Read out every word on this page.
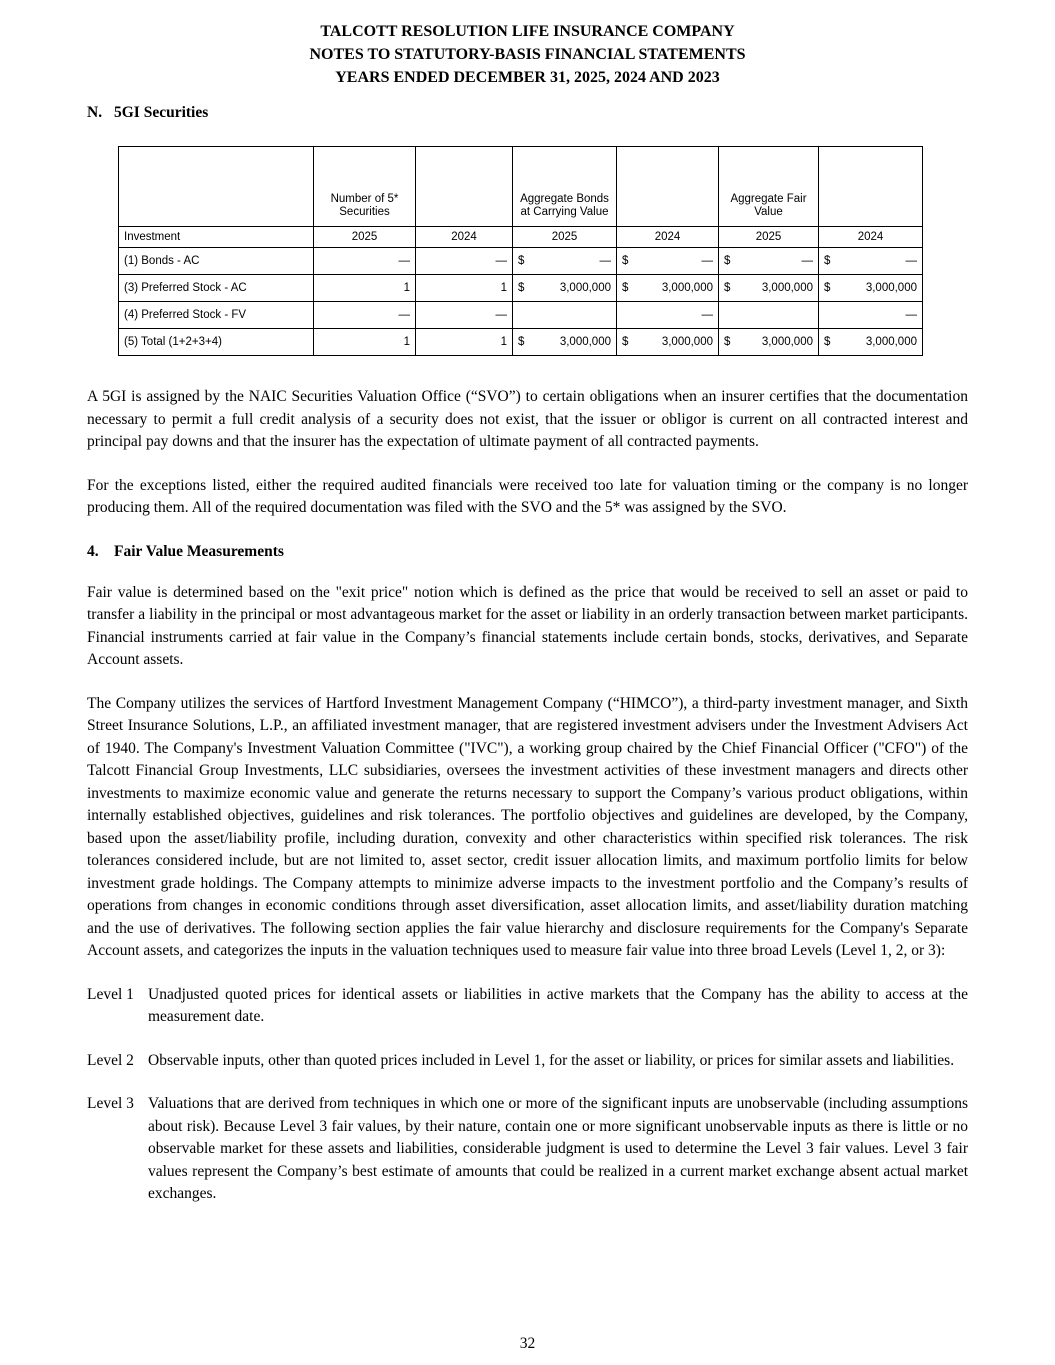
TALCOTT RESOLUTION LIFE INSURANCE COMPANY
NOTES TO STATUTORY-BASIS FINANCIAL STATEMENTS
YEARS ENDED DECEMBER 31, 2025, 2024 AND 2023
N. 5GI Securities
	Number of 5* Securities		Aggregate Bonds at Carrying Value		Aggregate Fair Value	
Investment	2025	2024	2025	2024	2025	2024
(1) Bonds - AC	—	—	$ —	$ —	$ —	$ —

(3) Preferred Stock - AC	1	1	$ 3,000,000	$ 3,000,000	$ 3,000,000	$ 3,000,000

(4) Preferred Stock - FV	—	—		—		—

(5) Total (1+2+3+4)	1	1	$ 3,000,000	$ 3,000,000	$ 3,000,000	$ 3,000,000

A 5GI is assigned by the NAIC Securities Valuation Office (“SVO”) to certain obligations when an insurer certifies that the documentation necessary to permit a full credit analysis of a security does not exist, that the issuer or obligor is current on all contracted interest and principal pay downs and that the insurer has the expectation of ultimate payment of all contracted payments.

For the exceptions listed, either the required audited financials were received too late for valuation timing or the company is no longer producing them. All of the required documentation was filed with the SVO and the 5* was assigned by the SVO.

4. Fair Value Measurements

Fair value is determined based on the "exit price" notion which is defined as the price that would be received to sell an asset or paid to transfer a liability in the principal or most advantageous market for the asset or liability in an orderly transaction between market participants. Financial instruments carried at fair value in the Company’s financial statements include certain bonds, stocks, derivatives, and Separate Account assets.

The Company utilizes the services of Hartford Investment Management Company (“HIMCO”), a third-party investment manager, and Sixth Street Insurance Solutions, L.P., an affiliated investment manager, that are registered investment advisers under the Investment Advisers Act of 1940. The Company's Investment Valuation Committee ("IVC"), a working group chaired by the Chief Financial Officer ("CFO") of the Talcott Financial Group Investments, LLC subsidiaries, oversees the investment activities of these investment managers and directs other investments to maximize economic value and generate the returns necessary to support the Company’s various product obligations, within internally established objectives, guidelines and risk tolerances. The portfolio objectives and guidelines are developed, by the Company, based upon the asset/liability profile, including duration, convexity and other characteristics within specified risk tolerances. The risk tolerances considered include, but are not limited to, asset sector, credit issuer allocation limits, and maximum portfolio limits for below investment grade holdings. The Company attempts to minimize adverse impacts to the investment portfolio and the Company’s results of operations from changes in economic conditions through asset diversification, asset allocation limits, and asset/liability duration matching and the use of derivatives. The following section applies the fair value hierarchy and disclosure requirements for the Company's Separate Account assets, and categorizes the inputs in the valuation techniques used to measure fair value into three broad Levels (Level 1, 2, or 3):

Level 1 Unadjusted quoted prices for identical assets or liabilities in active markets that the Company has the ability to access at the measurement date.
Level 2 Observable inputs, other than quoted prices included in Level 1, for the asset or liability, or prices for similar assets and liabilities.
Level 3 Valuations that are derived from techniques in which one or more of the significant inputs are unobservable (including assumptions about risk). Because Level 3 fair values, by their nature, contain one or more significant unobservable inputs as there is little or no observable market for these assets and liabilities, considerable judgment is used to determine the Level 3 fair values. Level 3 fair values represent the Company’s best estimate of amounts that could be realized in a current market exchange absent actual market exchanges.
32
